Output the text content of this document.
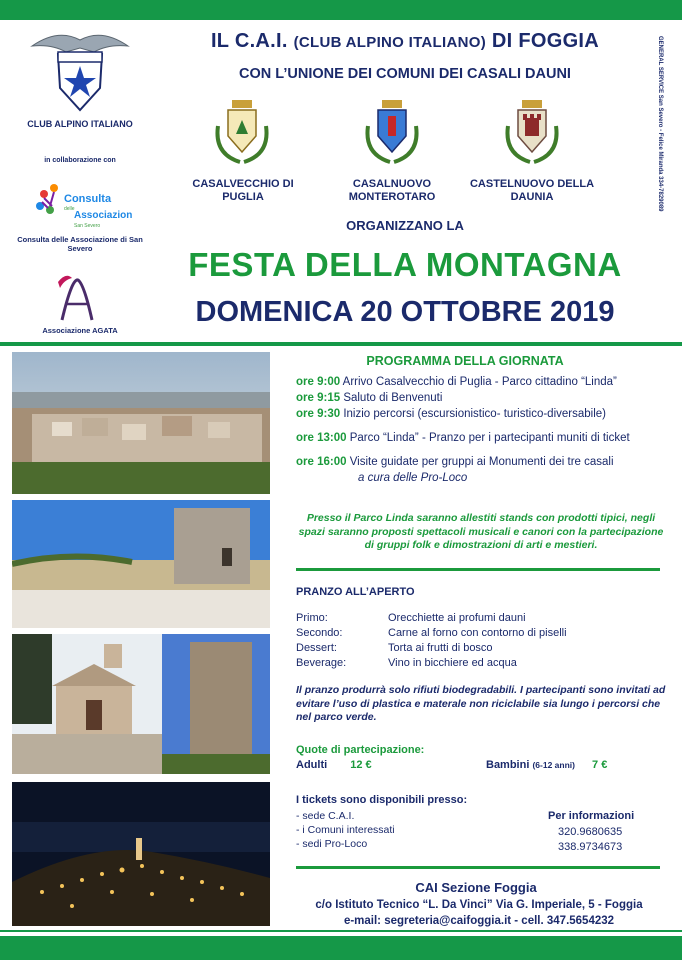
CLUB ALPINO ITALIANO
in collaborazione con
Consulta
delle
Associazioni
San Severo
Consulta delle Associazione di San Severo
Associazione AGATA
IL C.A.I. (CLUB ALPINO ITALIANO) DI FOGGIA
CON L’UNIONE DEI COMUNI DEI CASALI DAUNI	GENERAL SERVICE San Severo - Felice Miranda 334-7829089
CASALVECCHIO DI PUGLIA
CASALNUOVO MONTEROTARO
CASTELNUOVO DELLA DAUNIA
ORGANIZZANO LA
FESTA DELLA MONTAGNA
DOMENICA 20 OTTOBRE 2019
PROGRAMMA DELLA GIORNATA
ore 9:00 Arrivo Casalvecchio di Puglia - Parco cittadino “Linda”
ore 9:15 Saluto di Benvenuti
ore 9:30 Inizio percorsi (escursionistico- turistico-diversabile)
ore 13:00 Parco “Linda” - Pranzo per i partecipanti muniti di ticket
ore 16:00 Visite guidate per gruppi ai Monumenti dei tre casali
a cura delle Pro-Loco
Presso il Parco Linda saranno allestiti stands con prodotti tipici, negli spazi saranno proposti spettacoli musicali e canori con la partecipazione di gruppi folk e dimostrazioni di arti e mestieri.
PRANZO ALL’APERTO
Primo:	Orecchiette ai profumi dauni
Secondo:	Carne al forno con contorno di piselli
Dessert:	Torta ai frutti di bosco
Beverage:	Vino in bicchiere ed acqua
Il pranzo produrrà solo rifiuti biodegradabili. I partecipanti sono invitati ad evitare l’uso di plastica e materale non riciclabile sia lungo i percorsi che nel parco verde.
Quote di partecipazione:
Adulti 12 €	Bambini (6-12 anni) 7 €
I tickets sono disponibili presso:
- sede C.A.I.
- i Comuni interessati
- sedi Pro-Loco
Per informazioni
320.9680635
338.9734673
CAI Sezione Foggia
c/o Istituto Tecnico “L. Da Vinci” Via G. Imperiale, 5 - Foggia
e-mail: segreteria@caifoggia.it - cell. 347.5654232
